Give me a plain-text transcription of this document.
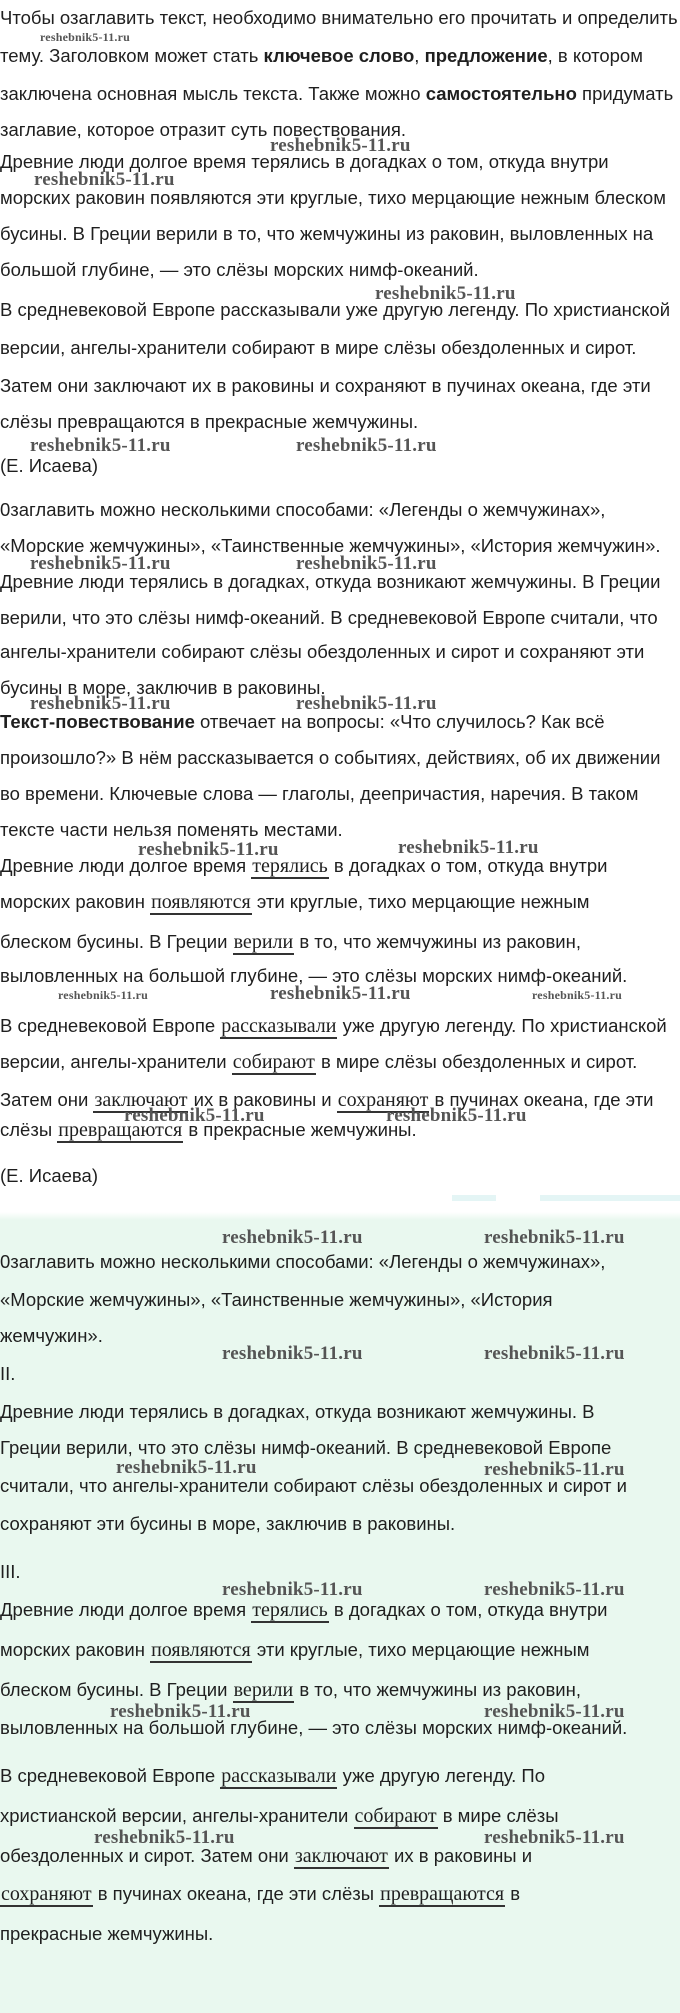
Чтобы озаглавить текст, необходимо внимательно его прочитать и определить

тему. Заголовком может стать ключевое слово, предложение, в котором

заключена основная мысль текста. Также можно самостоятельно придумать

заглавие, которое отразит суть повествования.

Древние люди долгое время терялись в догадках о том, откуда внутри

морских раковин появляются эти круглые, тихо мерцающие нежным блеском

бусины. В Греции верили в то, что жемчужины из раковин, выловленных на

большой глубине, — это слёзы морских нимф-океаний.

В средневековой Европе рассказывали уже другую легенду. По христианской

версии, ангелы-хранители собирают в мире слёзы обездоленных и сирот.

Затем они заключают их в раковины и сохраняют в пучинах океана, где эти

слёзы превращаются в прекрасные жемчужины.

(Е. Исаева)

0заглавить можно несколькими способами: «Легенды о жемчужинах»,

«Морские жемчужины», «Таинственные жемчужины», «История жемчужин».

Древние люди терялись в догадках, откуда возникают жемчужины. В Греции

верили, что это слёзы нимф-океаний. В средневековой Европе считали, что

ангелы-хранители собирают слёзы обездоленных и сирот и сохраняют эти

бусины в море, заключив в раковины.

Текст-повествование отвечает на вопросы: «Что случилось? Как всё

произошло?» В нём рассказывается о событиях, действиях, об их движении

во времени. Ключевые слова — глаголы, деепричастия, наречия. В таком

тексте части нельзя поменять местами.

Древние люди долгое время терялись в догадках о том, откуда внутри

морских раковин появляются эти круглые, тихо мерцающие нежным

блеском бусины. В Греции верили в то, что жемчужины из раковин,

выловленных на большой глубине, — это слёзы морских нимф-океаний.

В средневековой Европе рассказывали уже другую легенду. По христианской

версии, ангелы-хранители собирают в мире слёзы обездоленных и сирот.

Затем они заключают их в раковины и сохраняют в пучинах океана, где эти

слёзы превращаются в прекрасные жемчужины.

(Е. Исаева)

0заглавить можно несколькими способами: «Легенды о жемчужинах»,

«Морские жемчужины», «Таинственные жемчужины», «История

жемчужин».

II.

Древние люди терялись в догадках, откуда возникают жемчужины. В

Греции верили, что это слёзы нимф-океаний. В средневековой Европе

считали, что ангелы-хранители собирают слёзы обездоленных и сирот и

сохраняют эти бусины в море, заключив в раковины.

III.

Древние люди долгое время терялись в догадках о том, откуда внутри

морских раковин появляются эти круглые, тихо мерцающие нежным

блеском бусины. В Греции верили в то, что жемчужины из раковин,

выловленных на большой глубине, — это слёзы морских нимф-океаний.

В средневековой Европе рассказывали уже другую легенду. По

христианской версии, ангелы-хранители собирают в мире слёзы

обездоленных и сирот. Затем они заключают их в раковины и

сохраняют в пучинах океана, где эти слёзы превращаются в

прекрасные жемчужины.

reshebnik5-11.ru

reshebnik5-11.ru

reshebnik5-11.ru

reshebnik5-11.ru

reshebnik5-11.ru	reshebnik5-11.ru

reshebnik5-11.ru	reshebnik5-11.ru

reshebnik5-11.ru	reshebnik5-11.ru

reshebnik5-11.ru	reshebnik5-11.ru

reshebnik5-11.ru	reshebnik5-11.ru	reshebnik5-11.ru

reshebnik5-11.ru	reshebnik5-11.ru

reshebnik5-11.ru	reshebnik5-11.ru

reshebnik5-11.ru	reshebnik5-11.ru

reshebnik5-11.ru	reshebnik5-11.ru

reshebnik5-11.ru	reshebnik5-11.ru

reshebnik5-11.ru	reshebnik5-11.ru

reshebnik5-11.ru	reshebnik5-11.ru
